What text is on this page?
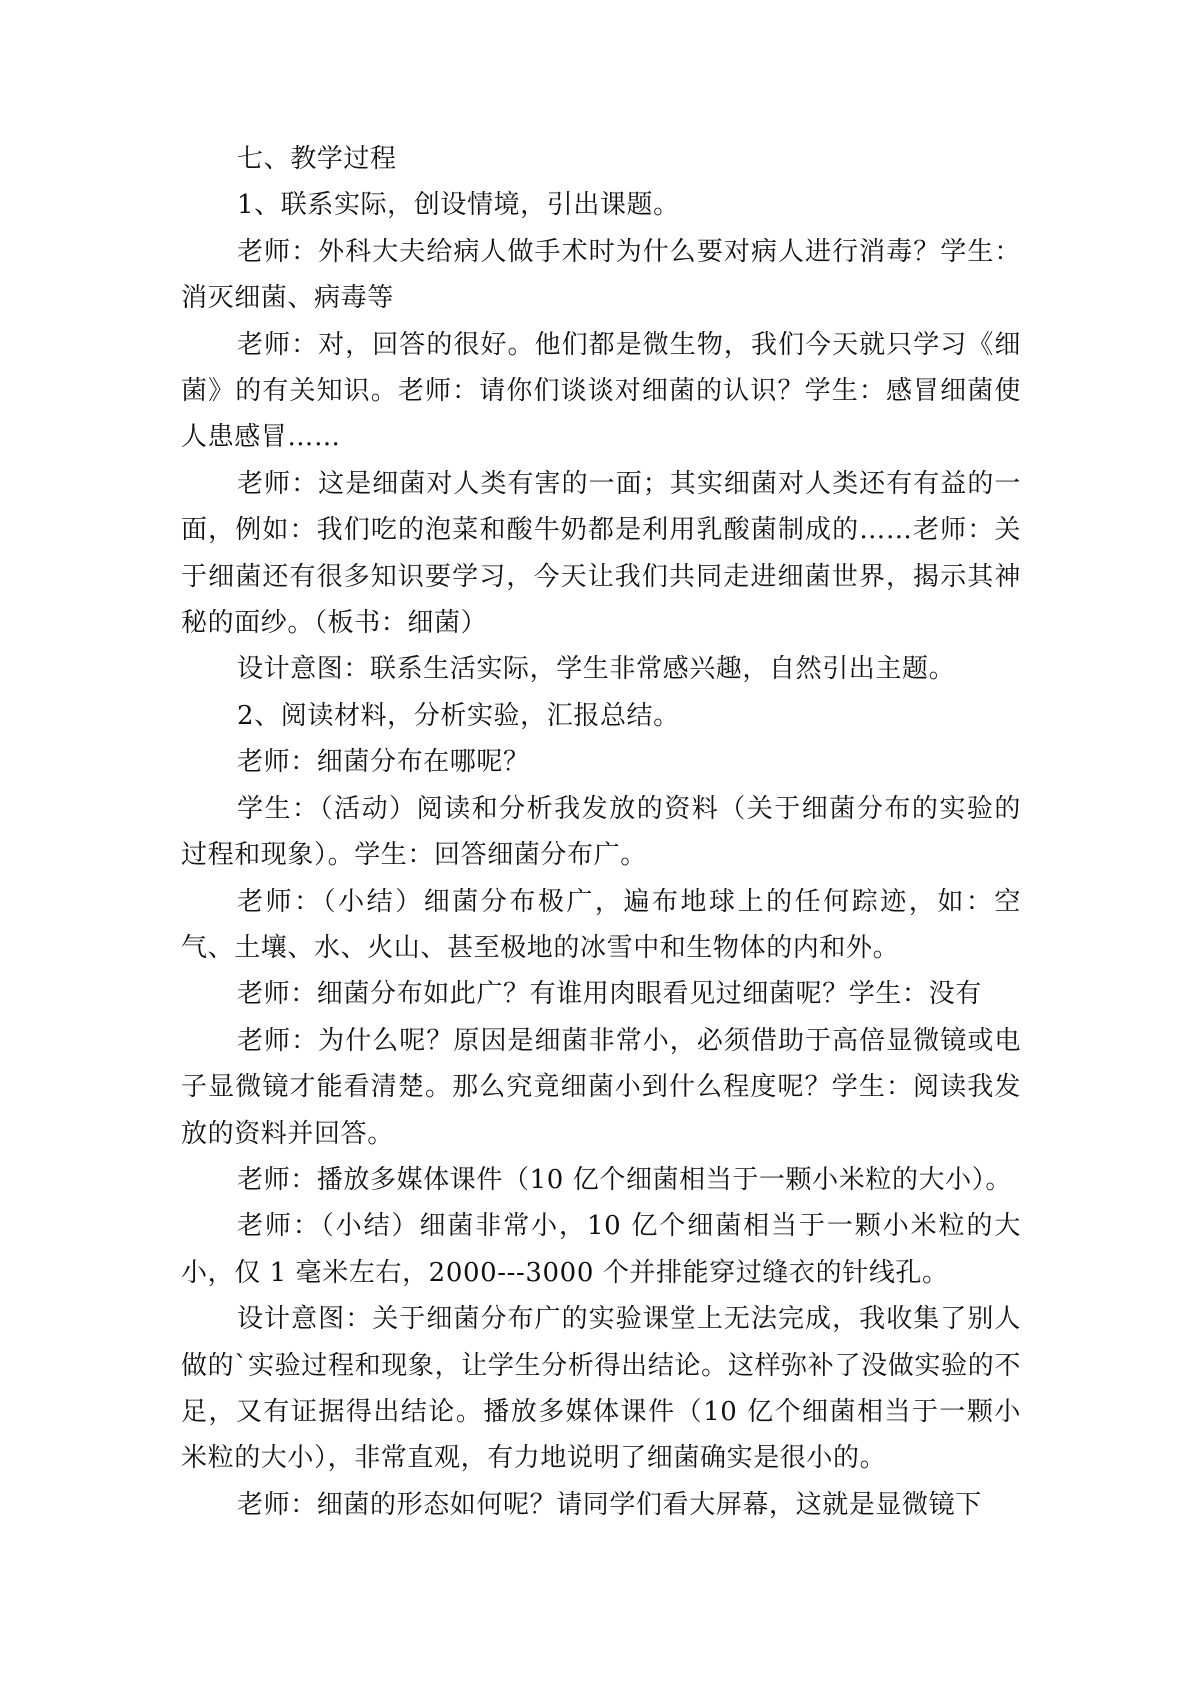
七、教学过程

1、联系实际，创设情境，引出课题。

老师：外科大夫给病人做手术时为什么要对病人进行消毒？学生：消灭细菌、病毒等

老师：对，回答的很好。他们都是微生物，我们今天就只学习《细菌》的有关知识。老师：请你们谈谈对细菌的认识？学生：感冒细菌使人患感冒……

老师：这是细菌对人类有害的一面；其实细菌对人类还有有益的一面，例如：我们吃的泡菜和酸牛奶都是利用乳酸菌制成的……老师：关于细菌还有很多知识要学习，今天让我们共同走进细菌世界，揭示其神秘的面纱。（板书：细菌）

设计意图：联系生活实际，学生非常感兴趣，自然引出主题。

2、阅读材料，分析实验，汇报总结。

老师：细菌分布在哪呢？

学生：（活动）阅读和分析我发放的资料（关于细菌分布的实验的过程和现象）。学生：回答细菌分布广。

老师：（小结）细菌分布极广，遍布地球上的任何踪迹，如：空气、土壤、水、火山、甚至极地的冰雪中和生物体的内和外。

老师：细菌分布如此广？有谁用肉眼看见过细菌呢？学生：没有

老师：为什么呢？原因是细菌非常小，必须借助于高倍显微镜或电子显微镜才能看清楚。那么究竟细菌小到什么程度呢？学生：阅读我发放的资料并回答。

老师：播放多媒体课件（10 亿个细菌相当于一颗小米粒的大小）。

老师：（小结）细菌非常小，10 亿个细菌相当于一颗小米粒的大小，仅 1 毫米左右，2000---3000 个并排能穿过缝衣的针线孔。

设计意图：关于细菌分布广的实验课堂上无法完成，我收集了别人做的`实验过程和现象，让学生分析得出结论。这样弥补了没做实验的不足，又有证据得出结论。播放多媒体课件（10 亿个细菌相当于一颗小米粒的大小），非常直观，有力地说明了细菌确实是很小的。

老师：细菌的形态如何呢？请同学们看大屏幕，这就是显微镜下
